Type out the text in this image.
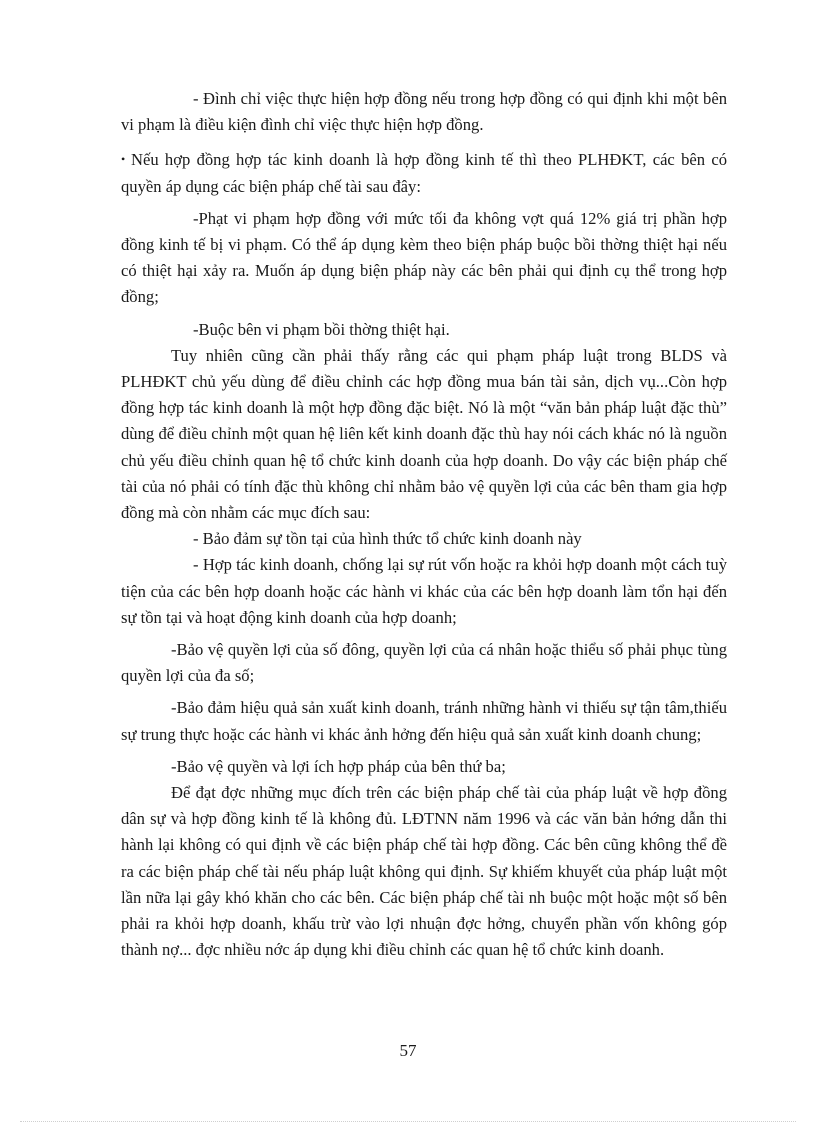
- Đình chỉ việc thực hiện hợp đồng nếu trong hợp đồng có qui định khi một bên vi phạm là điều kiện đình chỉ việc thực hiện hợp đồng.

• Nếu hợp đồng hợp tác kinh doanh là hợp đồng kinh tế thì theo PLHĐKT, các bên có quyền áp dụng các biện pháp chế tài sau đây:

-Phạt vi phạm hợp đồng với mức tối đa không vợt quá 12% giá trị phần hợp đồng kinh tế bị vi phạm. Có thể áp dụng kèm theo biện pháp buộc bồi thờng thiệt hại nếu có thiệt hại xảy ra. Muốn áp dụng biện pháp này các bên phải qui định cụ thể trong hợp đồng;

-Buộc bên vi phạm bồi thờng thiệt hại.

Tuy nhiên cũng cần phải thấy rằng các qui phạm pháp luật trong BLDS và PLHĐKT chủ yếu dùng để điều chỉnh các hợp đồng mua bán tài sản, dịch vụ...Còn hợp đồng hợp tác kinh doanh là một hợp đồng đặc biệt. Nó là một “văn bản pháp luật đặc thù” dùng để điều chỉnh một quan hệ liên kết kinh doanh đặc thù hay nói cách khác nó là nguồn chủ yếu điều chỉnh quan hệ tổ chức kinh doanh của hợp doanh. Do vậy các biện pháp chế tài của nó phải có tính đặc thù không chỉ nhằm bảo vệ quyền lợi của các bên tham gia hợp đồng mà còn nhằm các mục đích sau:

- Bảo đảm sự tồn tại của hình thức tổ chức kinh doanh này

- Hợp tác kinh doanh, chống lại sự rút vốn hoặc ra khỏi hợp doanh một cách tuỳ tiện của các bên hợp doanh hoặc các hành vi khác của các bên hợp doanh làm tổn hại đến sự tồn tại và hoạt động kinh doanh của hợp doanh;

-Bảo vệ quyền lợi của số đông, quyền lợi của cá nhân hoặc thiểu số phải phục tùng quyền lợi của đa số;

-Bảo đảm hiệu quả sản xuất kinh doanh, tránh những hành vi thiếu sự tận tâm,thiếu sự trung thực hoặc các hành vi khác ảnh hởng đến hiệu quả sản xuất kinh doanh chung;

-Bảo vệ quyền và lợi ích hợp pháp của bên thứ ba;

Để đạt đợc những mục đích trên các biện pháp chế tài của pháp luật về hợp đồng dân sự và hợp đồng kinh tế là không đủ. LĐTNN năm 1996 và các văn bản hớng dẫn thi hành lại không có qui định về các biện pháp chế tài hợp đồng. Các bên cũng không thể đề ra các biện pháp chế tài nếu pháp luật không qui định. Sự khiếm khuyết của pháp luật một lần nữa lại gây khó khăn cho các bên. Các biện pháp chế tài nh buộc một hoặc một số bên phải ra khỏi hợp doanh, khấu trừ vào lợi nhuận đợc hởng, chuyển phần vốn không góp thành nợ... đợc nhiều nớc áp dụng khi điều chỉnh các quan hệ tổ chức kinh doanh.

57
